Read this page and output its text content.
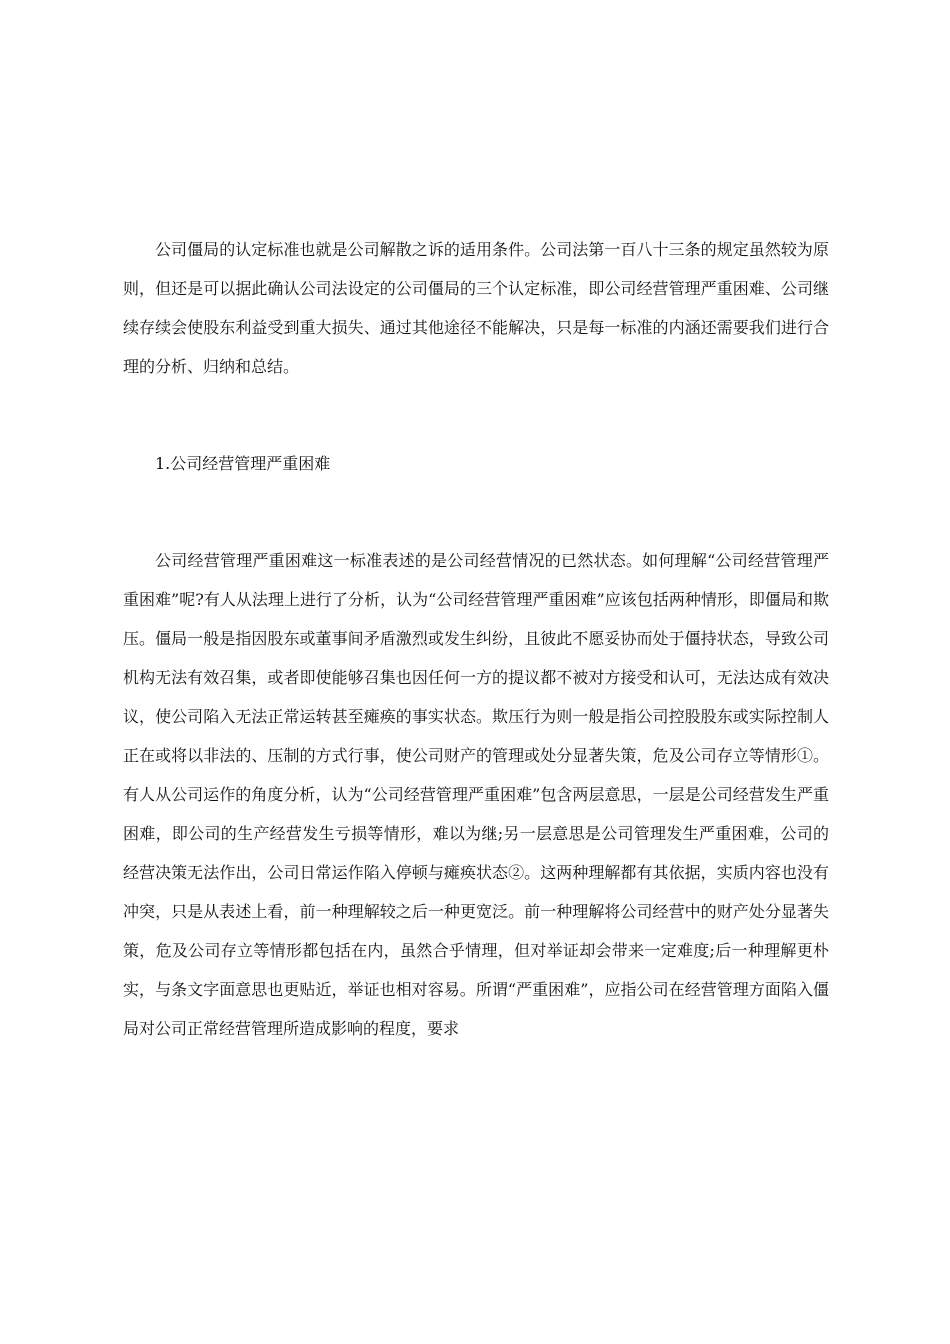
公司僵局的认定标准也就是公司解散之诉的适用条件。公司法第一百八十三条的规定虽然较为原则，但还是可以据此确认公司法设定的公司僵局的三个认定标准，即公司经营管理严重困难、公司继续存续会使股东利益受到重大损失、通过其他途径不能解决，只是每一标准的内涵还需要我们进行合理的分析、归纳和总结。

1.公司经营管理严重困难

公司经营管理严重困难这一标准表述的是公司经营情况的已然状态。如何理解“公司经营管理严重困难”呢?有人从法理上进行了分析，认为“公司经营管理严重困难”应该包括两种情形，即僵局和欺压。僵局一般是指因股东或董事间矛盾激烈或发生纠纷，且彼此不愿妥协而处于僵持状态，导致公司机构无法有效召集，或者即使能够召集也因任何一方的提议都不被对方接受和认可，无法达成有效决议，使公司陷入无法正常运转甚至瘫痪的事实状态。欺压行为则一般是指公司控股股东或实际控制人正在或将以非法的、压制的方式行事，使公司财产的管理或处分显著失策，危及公司存立等情形①。有人从公司运作的角度分析，认为“公司经营管理严重困难”包含两层意思，一层是公司经营发生严重困难，即公司的生产经营发生亏损等情形，难以为继;另一层意思是公司管理发生严重困难，公司的经营决策无法作出，公司日常运作陷入停顿与瘫痪状态②。这两种理解都有其依据，实质内容也没有冲突，只是从表述上看，前一种理解较之后一种更宽泛。前一种理解将公司经营中的财产处分显著失策，危及公司存立等情形都包括在内，虽然合乎情理，但对举证却会带来一定难度;后一种理解更朴实，与条文字面意思也更贴近，举证也相对容易。所谓“严重困难”，应指公司在经营管理方面陷入僵局对公司正常经营管理所造成影响的程度，要求
